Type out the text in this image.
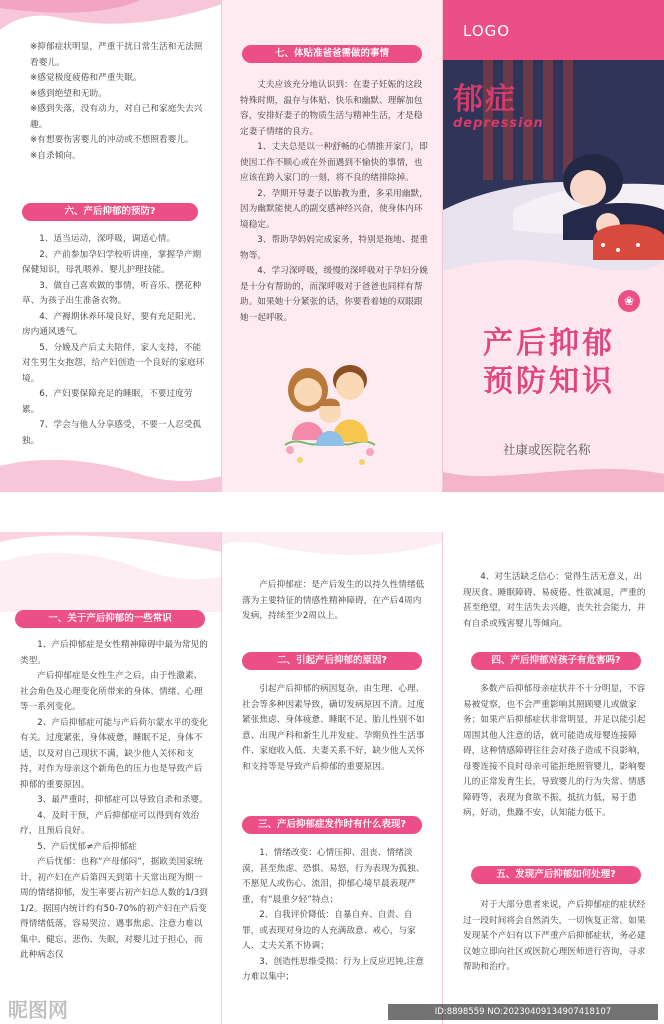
※抑郁症状明显，严重干扰日常生活和无法照看婴儿。

※感觉极度疲倦和严重失眠。

※感到绝望和无助。

※感到失落，没有动力，对自己和家庭失去兴趣。

※有想要伤害婴儿的冲动或不想照看婴儿。

※自杀倾向。

六、产后抑郁的预防?

1、适当运动，深呼吸，调适心情。

2、产前参加孕妇学校听讲座，掌握孕产期保健知识，母乳喂养、婴儿护理技能。

3、做自己喜欢做的事情，听音乐、摆花种草、为孩子出生准备衣物。

4、产褥期休养环境良好，要有充足阳光、房内通风透气。

5、分娩及产后丈夫陪伴，家人支持，不能对生男生女抱怨，给产妇创造一个良好的家庭环境。

6、产妇要保障充足的睡眠，不要过度劳累。

7、学会与他人分享感受，不要一人忍受孤独。

七、体贴准爸爸需做的事情

丈夫应该充分地认识到：在妻子妊娠的这段特殊时期，温存与体贴、快乐和幽默、理解加包容，安排好妻子的物质生活与精神生活，才是稳定妻子情绪的良方。

1、丈夫总是以一种舒畅的心情推开家门，即使因工作不顺心或在外面遇到不愉快的事情，也应该在跨入家门的一刻，将不良的绪排除掉。

2、孕期开导妻子以胎教为重，多采用幽默，因为幽默能使人的副交感神经兴奋，使身体内环境稳定。

3、帮助孕妈妈完成家务，特别是拖地、提重物等。

4、学习深呼吸，缓慢的深呼吸对于孕妇分娩是十分有帮助的，而深呼吸对于爸爸也同样有帮助。如果她十分紧张的话，你要看着她的双眼跟她一起呼吸。

LOGO
郁症
depression
❀
产后抑郁
预防知识
社康或医院名称
一、关于产后抑郁的一些常识

1、产后抑郁症是女性精神障碍中最为常见的类型。

产后抑郁症是女性生产之后，由于性激素、社会角色及心理变化所带来的身体、情绪、心理等一系列变化。

2、产后抑郁症可能与产后荷尔蒙水平的变化有关。过度紧张，身体疲惫，睡眠不足，身体不适，以及对自己现状不满，缺少他人关怀和支持，对作为母亲这个新角色的压力也是导致产后抑郁的重要原因。

3、最严重时，抑郁症可以导致自杀和杀婴。

4、及时干预，产后抑郁症可以得到有效治疗，且预后良好。

5、产后忧郁≠产后抑郁症

产后忧郁：也称“产母郁闷”，据欧美国家统计，初产妇在产后第四天到第十天常出现为期一周的情绪抑郁，发生率要占初产妇总人数的1/3到1/2。据国内统计约有50-70%的初产妇在产后变得情绪低落，容易哭泣、遇事焦虑、注意力难以集中、健忘、悲伤、失眠，对婴儿过于担心，而此种病态仅

产后抑郁症：是产后发生的以持久性情绪低落为主要特征的情感性精神障碍，在产后4周内发病，持续至少2周以上。

二、引起产后抑郁的原因?

引起产后抑郁的病因复杂，由生理、心理、社会等多种因素导致，确切发病原因不清。过度紧张焦虑、身体疲惫、睡眠不足、胎儿性别不如意、出现产科和新生儿并发症、孕期负性生活事件、家庭收入低、夫妻关系不好，缺少他人关怀和支持等是导致产后抑郁的重要原因。

三、产后抑郁症发作时有什么表现?

1、情绪改变：心情压抑、沮丧、情绪淡漠，甚至焦虑、恐惧、易怒，行为表现为孤独、不愿见人或伤心、流泪，抑郁心境早晨表现严重，有“晨重夕轻”特点；

2、自我评价降低：自暴自弃、自责、自罪，或表现对身边的人充满敌意、戒心，与家人、丈夫关系不协调；

3、创造性思维受损：行为上反应迟钝,注意力难以集中；

4、对生活缺乏信心：觉得生活无意义，出现厌食、睡眠障碍、易疲倦、性欲减退，严重的甚至绝望，对生活失去兴趣，丧失社会能力，并有自杀或残害婴儿等倾向。

四、产后抑郁对孩子有危害吗?

多数产后抑郁母亲症状并不十分明显，不容易被觉察，也不会严重影响其照顾婴儿或做家务；如果产后抑郁症状非常明显，并足以能引起周围其他人注意的话，就可能造成母婴连接障碍，这种情感障碍往往会对孩子造成不良影响，母婴连接不良时母亲可能拒绝照管婴儿，影响婴儿的正常发育生长，导致婴儿的行为失常、情感障碍等，表现为食欲不振，抵抗力低，易于患病，好动，焦躁不安，认知能力低下。

五、发现产后抑郁如何处理?

对于大部分患者来说，产后抑郁症的症状经过一段时间将会自然消失，一切恢复正常。如果发现某个产妇有以下严重产后抑郁症状，务必建议她立即向社区或医院心理医师进行咨询，寻求帮助和治疗。

昵图网	ID:8898559 NO:20230409134907418107
